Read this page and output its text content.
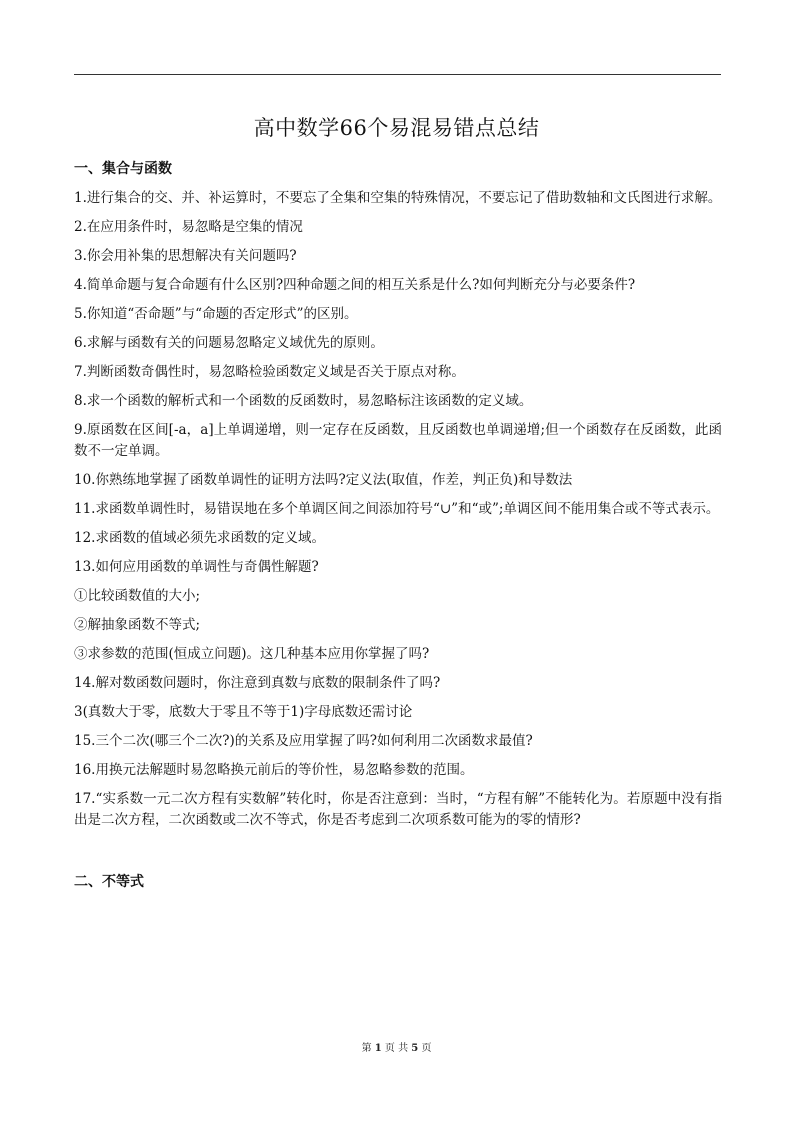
高中数学66个易混易错点总结
一、集合与函数
1.进行集合的交、并、补运算时，不要忘了全集和空集的特殊情况，不要忘记了借助数轴和文氏图进行求解。
2.在应用条件时，易忽略是空集的情况
3.你会用补集的思想解决有关问题吗?
4.简单命题与复合命题有什么区别?四种命题之间的相互关系是什么?如何判断充分与必要条件?
5.你知道“否命题”与“命题的否定形式”的区别。
6.求解与函数有关的问题易忽略定义域优先的原则。
7.判断函数奇偶性时，易忽略检验函数定义域是否关于原点对称。
8.求一个函数的解析式和一个函数的反函数时，易忽略标注该函数的定义域。
9.原函数在区间[-a，a]上单调递增，则一定存在反函数，且反函数也单调递增;但一个函数存在反函数，此函数不一定单调。
10.你熟练地掌握了函数单调性的证明方法吗?定义法(取值，作差，判正负)和导数法
11.求函数单调性时，易错误地在多个单调区间之间添加符号“∪”和“或”;单调区间不能用集合或不等式表示。
12.求函数的值域必须先求函数的定义域。
13.如何应用函数的单调性与奇偶性解题?
①比较函数值的大小;
②解抽象函数不等式;
③求参数的范围(恒成立问题)。这几种基本应用你掌握了吗?
14.解对数函数问题时，你注意到真数与底数的限制条件了吗?
3(真数大于零，底数大于零且不等于1)字母底数还需讨论
15.三个二次(哪三个二次?)的关系及应用掌握了吗?如何利用二次函数求最值?
16.用换元法解题时易忽略换元前后的等价性，易忽略参数的范围。
17.“实系数一元二次方程有实数解”转化时，你是否注意到：当时，“方程有解”不能转化为。若原题中没有指出是二次方程，二次函数或二次不等式，你是否考虑到二次项系数可能为的零的情形?
二、不等式
第 1 页 共 5 页
